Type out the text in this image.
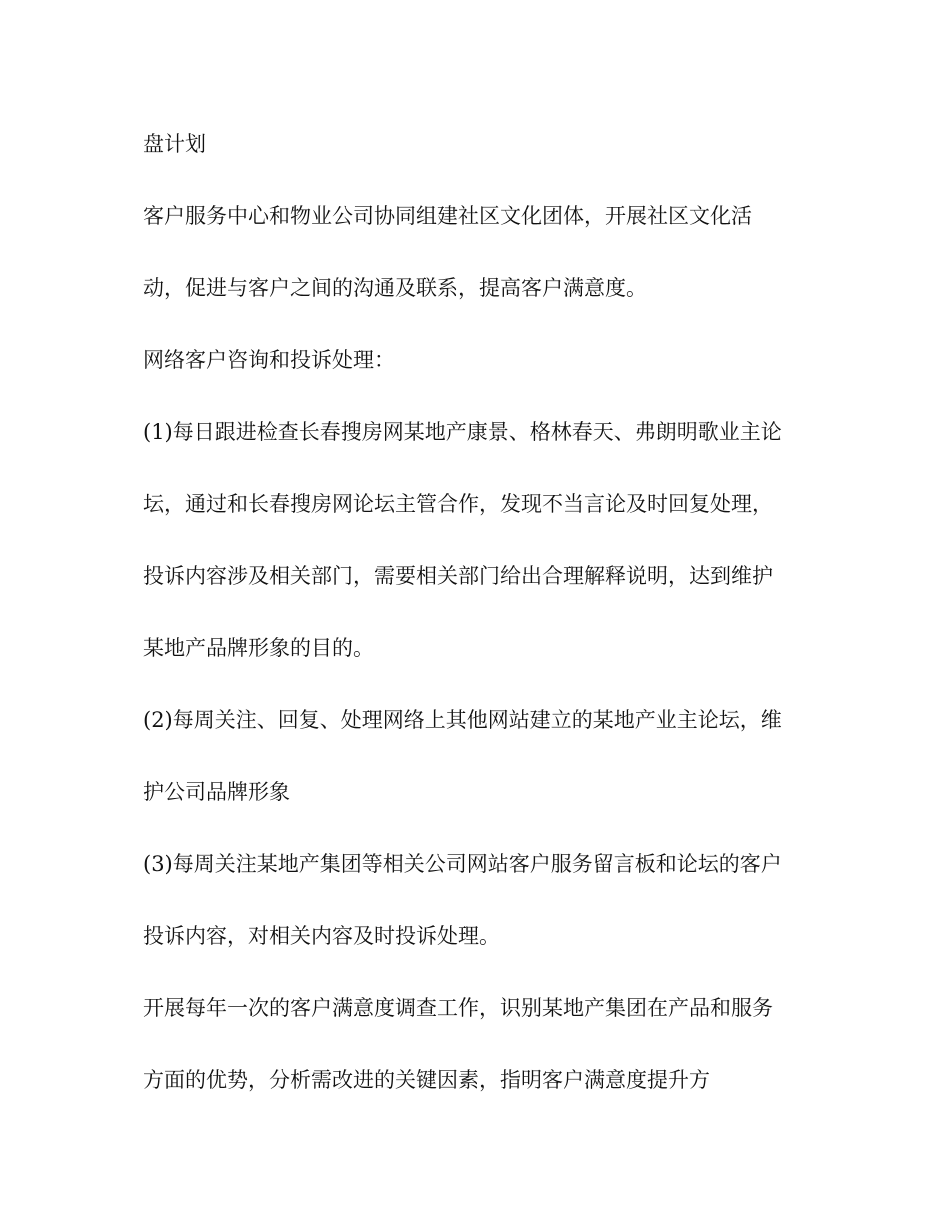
盘计划
客户服务中心和物业公司协同组建社区文化团体，开展社区文化活
动，促进与客户之间的沟通及联系，提高客户满意度。
网络客户咨询和投诉处理：
(1)每日跟进检查长春搜房网某地产康景、格林春天、弗朗明歌业主论
坛，通过和长春搜房网论坛主管合作，发现不当言论及时回复处理，
投诉内容涉及相关部门，需要相关部门给出合理解释说明，达到维护
某地产品牌形象的目的。
(2)每周关注、回复、处理网络上其他网站建立的某地产业主论坛，维
护公司品牌形象
(3)每周关注某地产集团等相关公司网站客户服务留言板和论坛的客户
投诉内容，对相关内容及时投诉处理。
开展每年一次的客户满意度调查工作，识别某地产集团在产品和服务
方面的优势，分析需改进的关键因素，指明客户满意度提升方
